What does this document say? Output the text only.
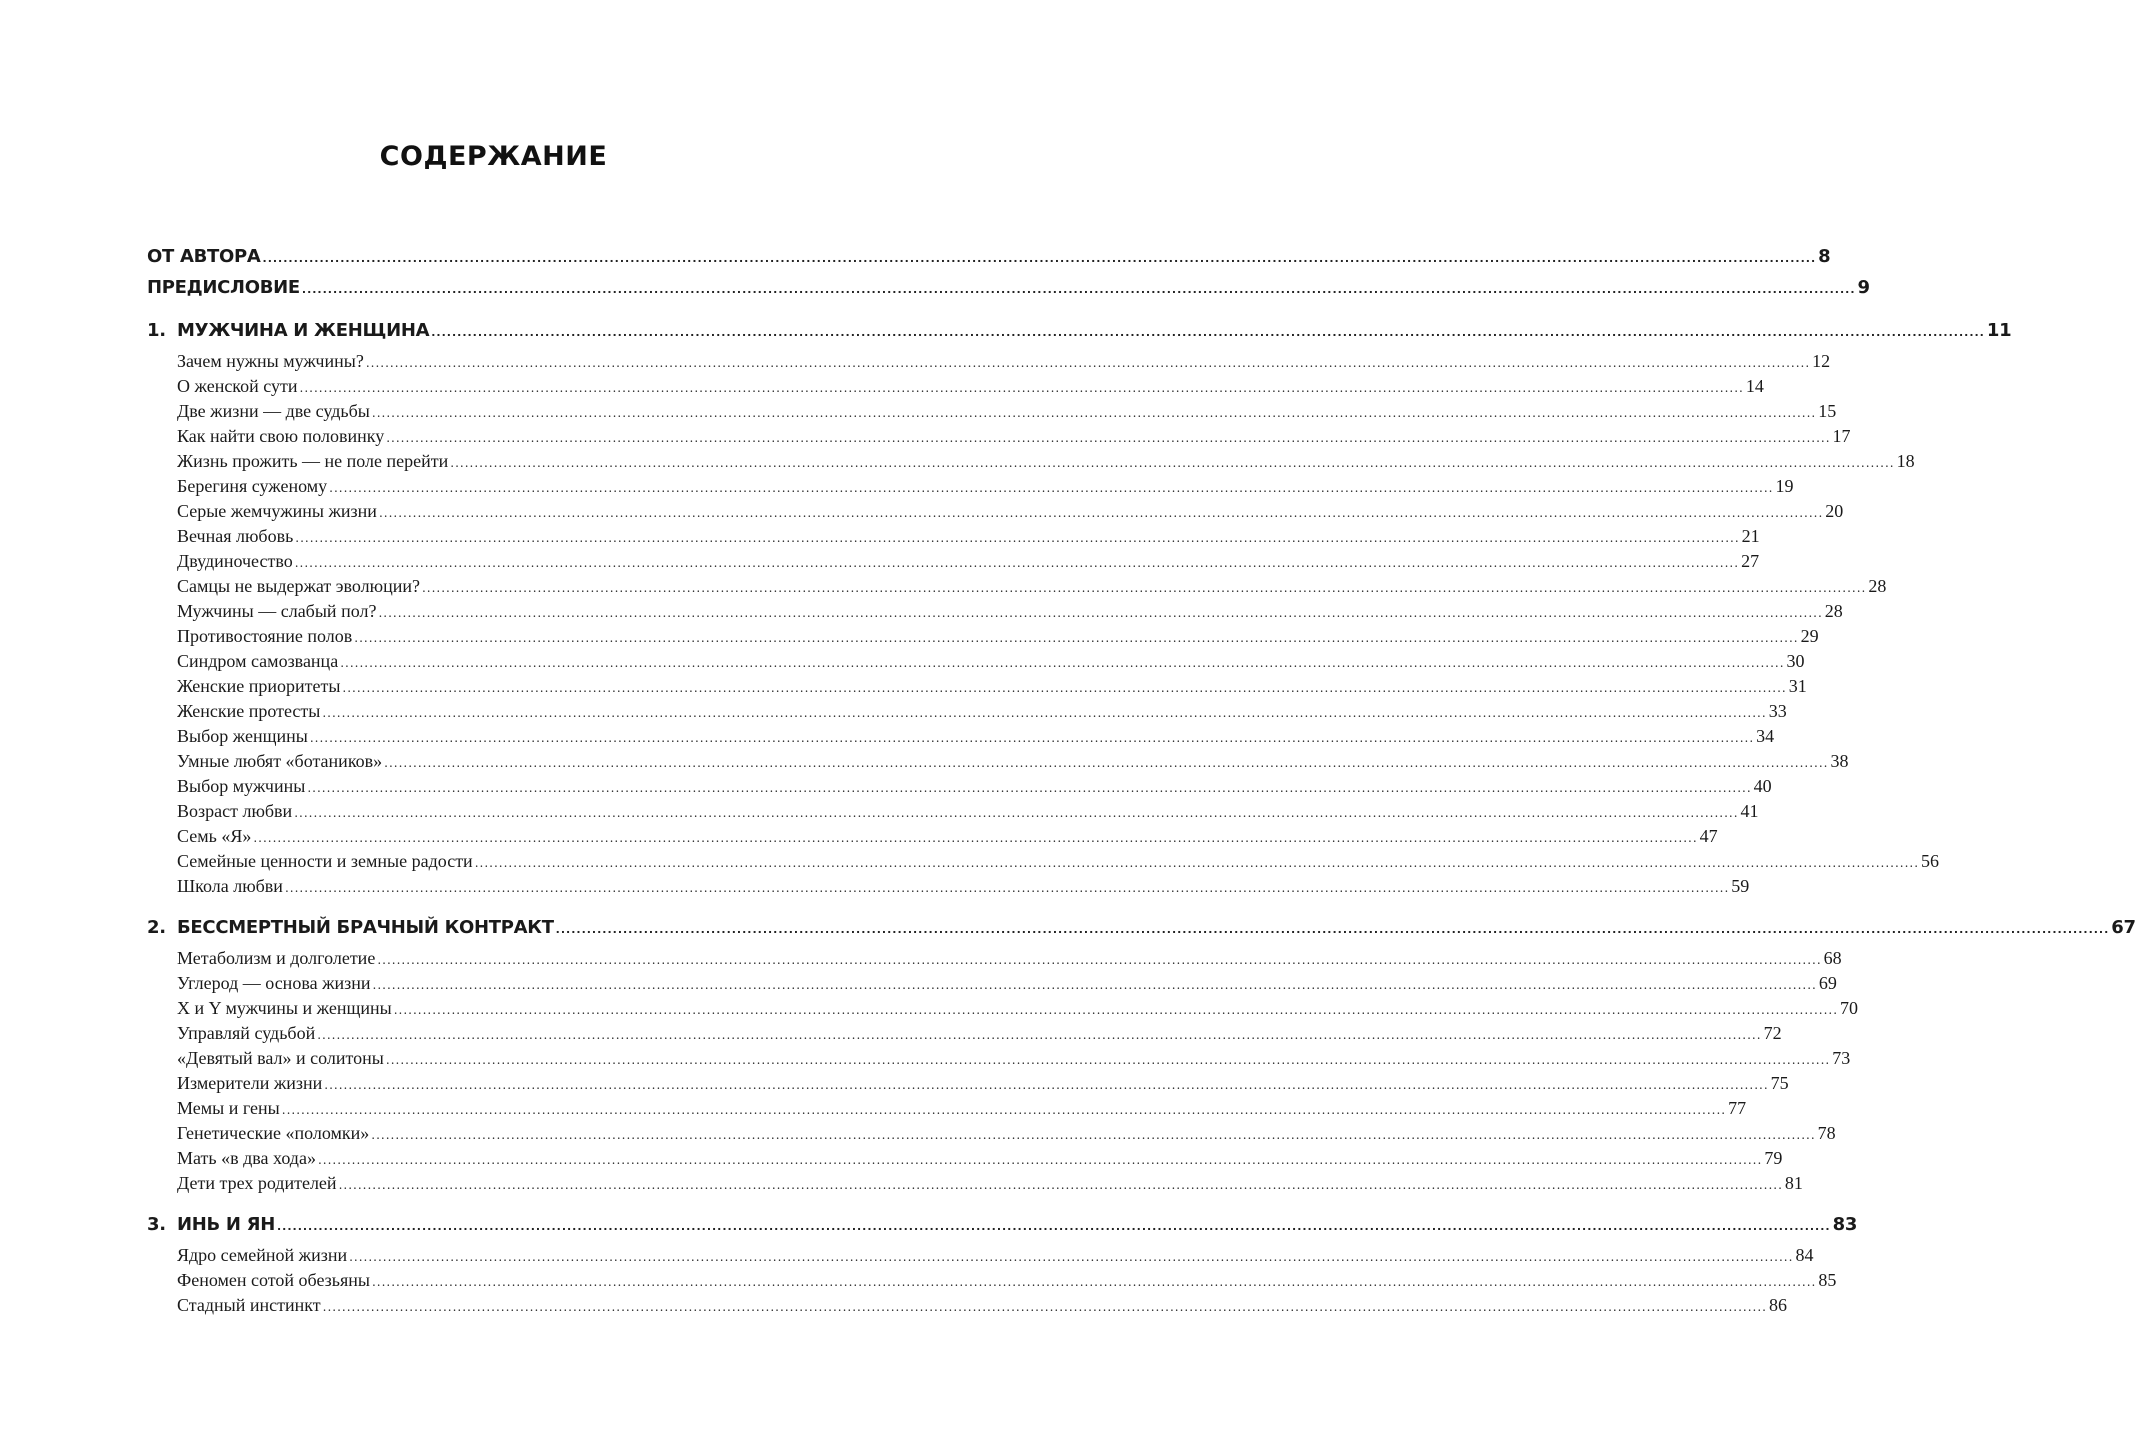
СОДЕРЖАНИЕ
ОТ АВТОРА ............................................................................................................................................................................................................................................................................................................ 8
ПРЕДИСЛОВИЕ ............................................................................................................................................................................................................................................................................................................ 9
1. МУЖЧИНА И ЖЕНЩИНА ............................................................................................................................................................................................................................................................................................................ 11
Зачем нужны мужчины? ............................................................................................................................................................................................................................................................................................................ 12
О женской сути ............................................................................................................................................................................................................................................................................................................ 14
Две жизни — две судьбы ............................................................................................................................................................................................................................................................................................................ 15
Как найти свою половинку ............................................................................................................................................................................................................................................................................................................ 17
Жизнь прожить — не поле перейти ............................................................................................................................................................................................................................................................................................................ 18
Берегиня суженому ............................................................................................................................................................................................................................................................................................................ 19
Серые жемчужины жизни ............................................................................................................................................................................................................................................................................................................ 20
Вечная любовь ............................................................................................................................................................................................................................................................................................................ 21
Двудиночество ............................................................................................................................................................................................................................................................................................................ 27
Самцы не выдержат эволюции? ............................................................................................................................................................................................................................................................................................................ 28
Мужчины — слабый пол? ............................................................................................................................................................................................................................................................................................................ 28
Противостояние полов ............................................................................................................................................................................................................................................................................................................ 29
Синдром самозванца ............................................................................................................................................................................................................................................................................................................ 30
Женские приоритеты ............................................................................................................................................................................................................................................................................................................ 31
Женские протесты ............................................................................................................................................................................................................................................................................................................ 33
Выбор женщины ............................................................................................................................................................................................................................................................................................................ 34
Умные любят «ботаников» ............................................................................................................................................................................................................................................................................................................ 38
Выбор мужчины ............................................................................................................................................................................................................................................................................................................ 40
Возраст любви ............................................................................................................................................................................................................................................................................................................ 41
Семь «Я» ............................................................................................................................................................................................................................................................................................................ 47
Семейные ценности и земные радости ............................................................................................................................................................................................................................................................................................................ 56
Школа любви ............................................................................................................................................................................................................................................................................................................ 59
2. БЕССМЕРТНЫЙ БРАЧНЫЙ КОНТРАКТ ............................................................................................................................................................................................................................................................................................................ 67
Метаболизм и долголетие ............................................................................................................................................................................................................................................................................................................ 68
Углерод — основа жизни ............................................................................................................................................................................................................................................................................................................ 69
X и Y мужчины и женщины ............................................................................................................................................................................................................................................................................................................ 70
Управляй судьбой ............................................................................................................................................................................................................................................................................................................ 72
«Девятый вал» и солитоны ............................................................................................................................................................................................................................................................................................................ 73
Измерители жизни ............................................................................................................................................................................................................................................................................................................ 75
Мемы и гены ............................................................................................................................................................................................................................................................................................................ 77
Генетические «поломки» ............................................................................................................................................................................................................................................................................................................ 78
Мать «в два хода» ............................................................................................................................................................................................................................................................................................................ 79
Дети трех родителей ............................................................................................................................................................................................................................................................................................................ 81
3. ИНЬ И ЯН ............................................................................................................................................................................................................................................................................................................ 83
Ядро семейной жизни ............................................................................................................................................................................................................................................................................................................ 84
Феномен сотой обезьяны ............................................................................................................................................................................................................................................................................................................ 85
Стадный инстинкт ............................................................................................................................................................................................................................................................................................................ 86
